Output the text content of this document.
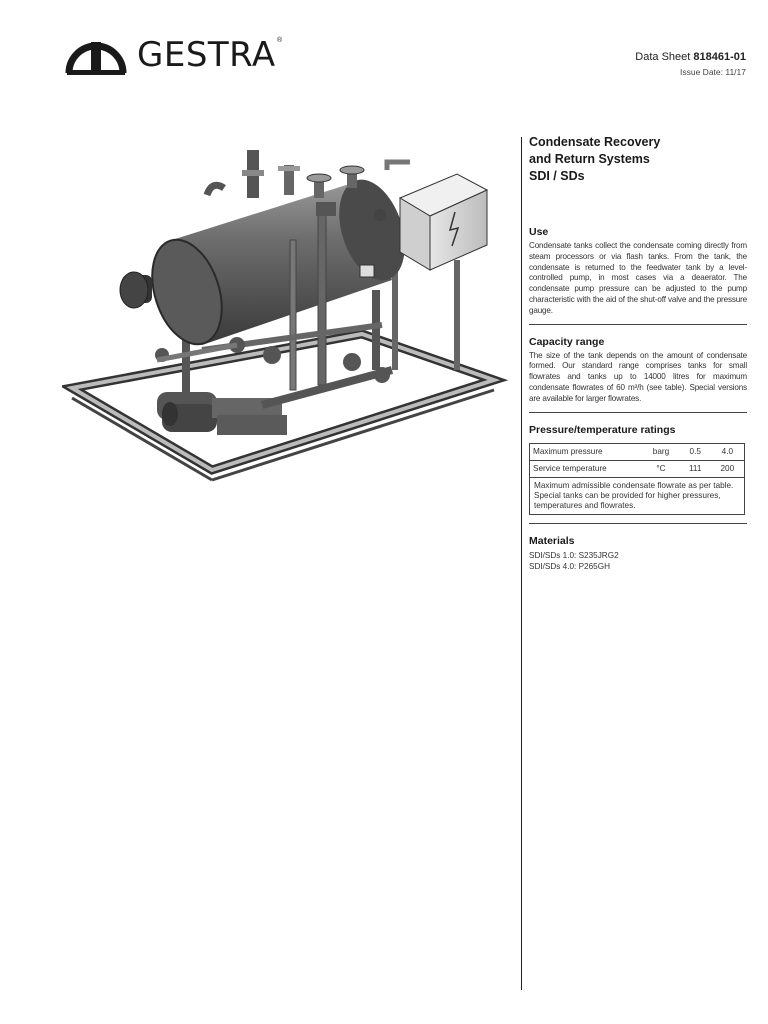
GESTRA ®
Data Sheet 818461-01
Issue Date: 11/17
Condensate Recovery
and Return Systems
SDI / SDs
Use
Condensate tanks collect the condensate coming directly from steam processors or via flash tanks. From the tank, the condensate is returned to the feedwater tank by a level-controlled pump, in most cases via a deaerator. The condensate pump pressure can be adjusted to the pump characteristic with the aid of the shut-off valve and the pressure gauge.
Capacity range
The size of the tank depends on the amount of condensate formed. Our standard range comprises tanks for small flowrates and tanks up to 14000 litres for maximum condensate flowrates of 60 m³/h (see table). Special versions are available for larger flowrates.
Pressure/temperature ratings
Maximum pressure	barg	0.5	4.0
Service temperature	°C	111	200
Maximum admissible condensate flowrate as per table. Special tanks can be provided for higher pressures, temperatures and flowrates.			
Materials
SDI/SDs 1.0: S235JRG2
SDI/SDs 4.0: P265GH
